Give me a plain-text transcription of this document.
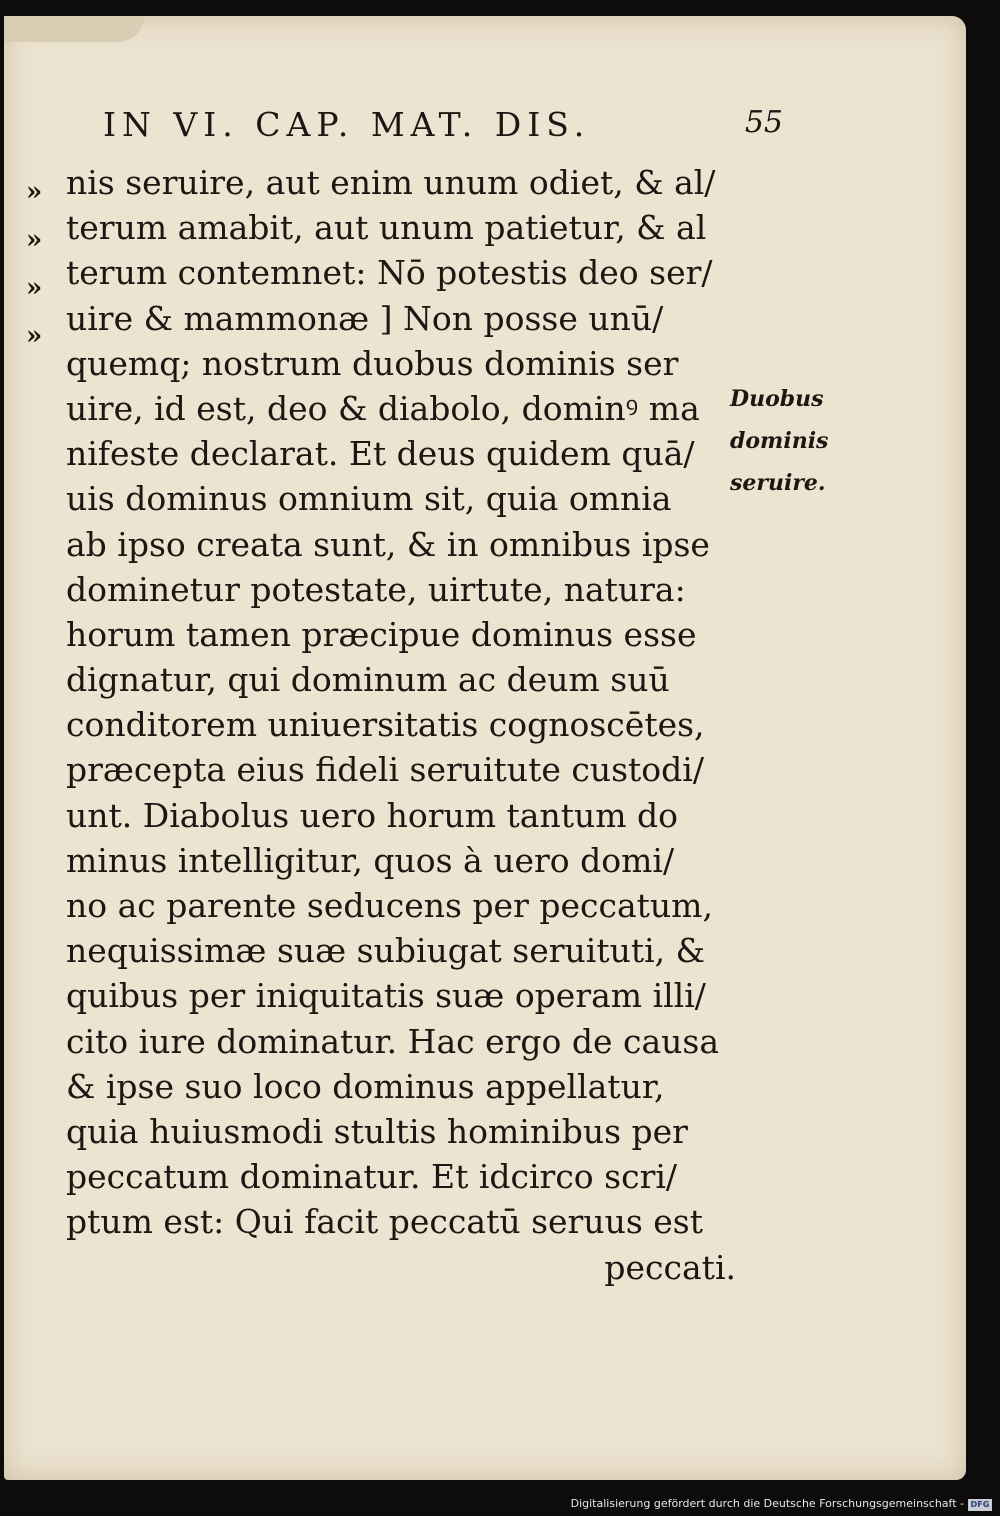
IN VI. CAP. MAT. DIS.	55
»
»
»
»
nis seruire, aut enim unum odiet, & al/
terum amabit, aut unum patietur, & al
terum contemnet: Nō potestis deo ser/
uire & mammonæ ] Non posse unū/
quemq; nostrum duobus dominis ser
uire, id est, deo & diabolo, dominꝰ ma
nifeste declarat. Et deus quidem quā/
uis dominus omnium sit, quia omnia
ab ipso creata sunt, & in omnibus ipse
dominetur potestate, uirtute, natura:
horum tamen præcipue dominus esse
dignatur, qui dominum ac deum suū
conditorem uniuersitatis cognoscētes,
præcepta eius fideli seruitute custodi/
unt. Diabolus uero horum tantum do
minus intelligitur, quos à uero domi/
no ac parente seducens per peccatum,
nequissimæ suæ subiugat seruituti, &
quibus per iniquitatis suæ operam illi/
cito iure dominatur. Hac ergo de causa
& ipse suo loco dominus appellatur,
quia huiusmodi stultis hominibus per
peccatum dominatur. Et idcirco scri/
ptum est: Qui facit peccatū seruus est
peccati.
Duobus
dominis
seruire.
Digitalisierung gefördert durch die Deutsche Forschungsgemeinschaft - DFG
